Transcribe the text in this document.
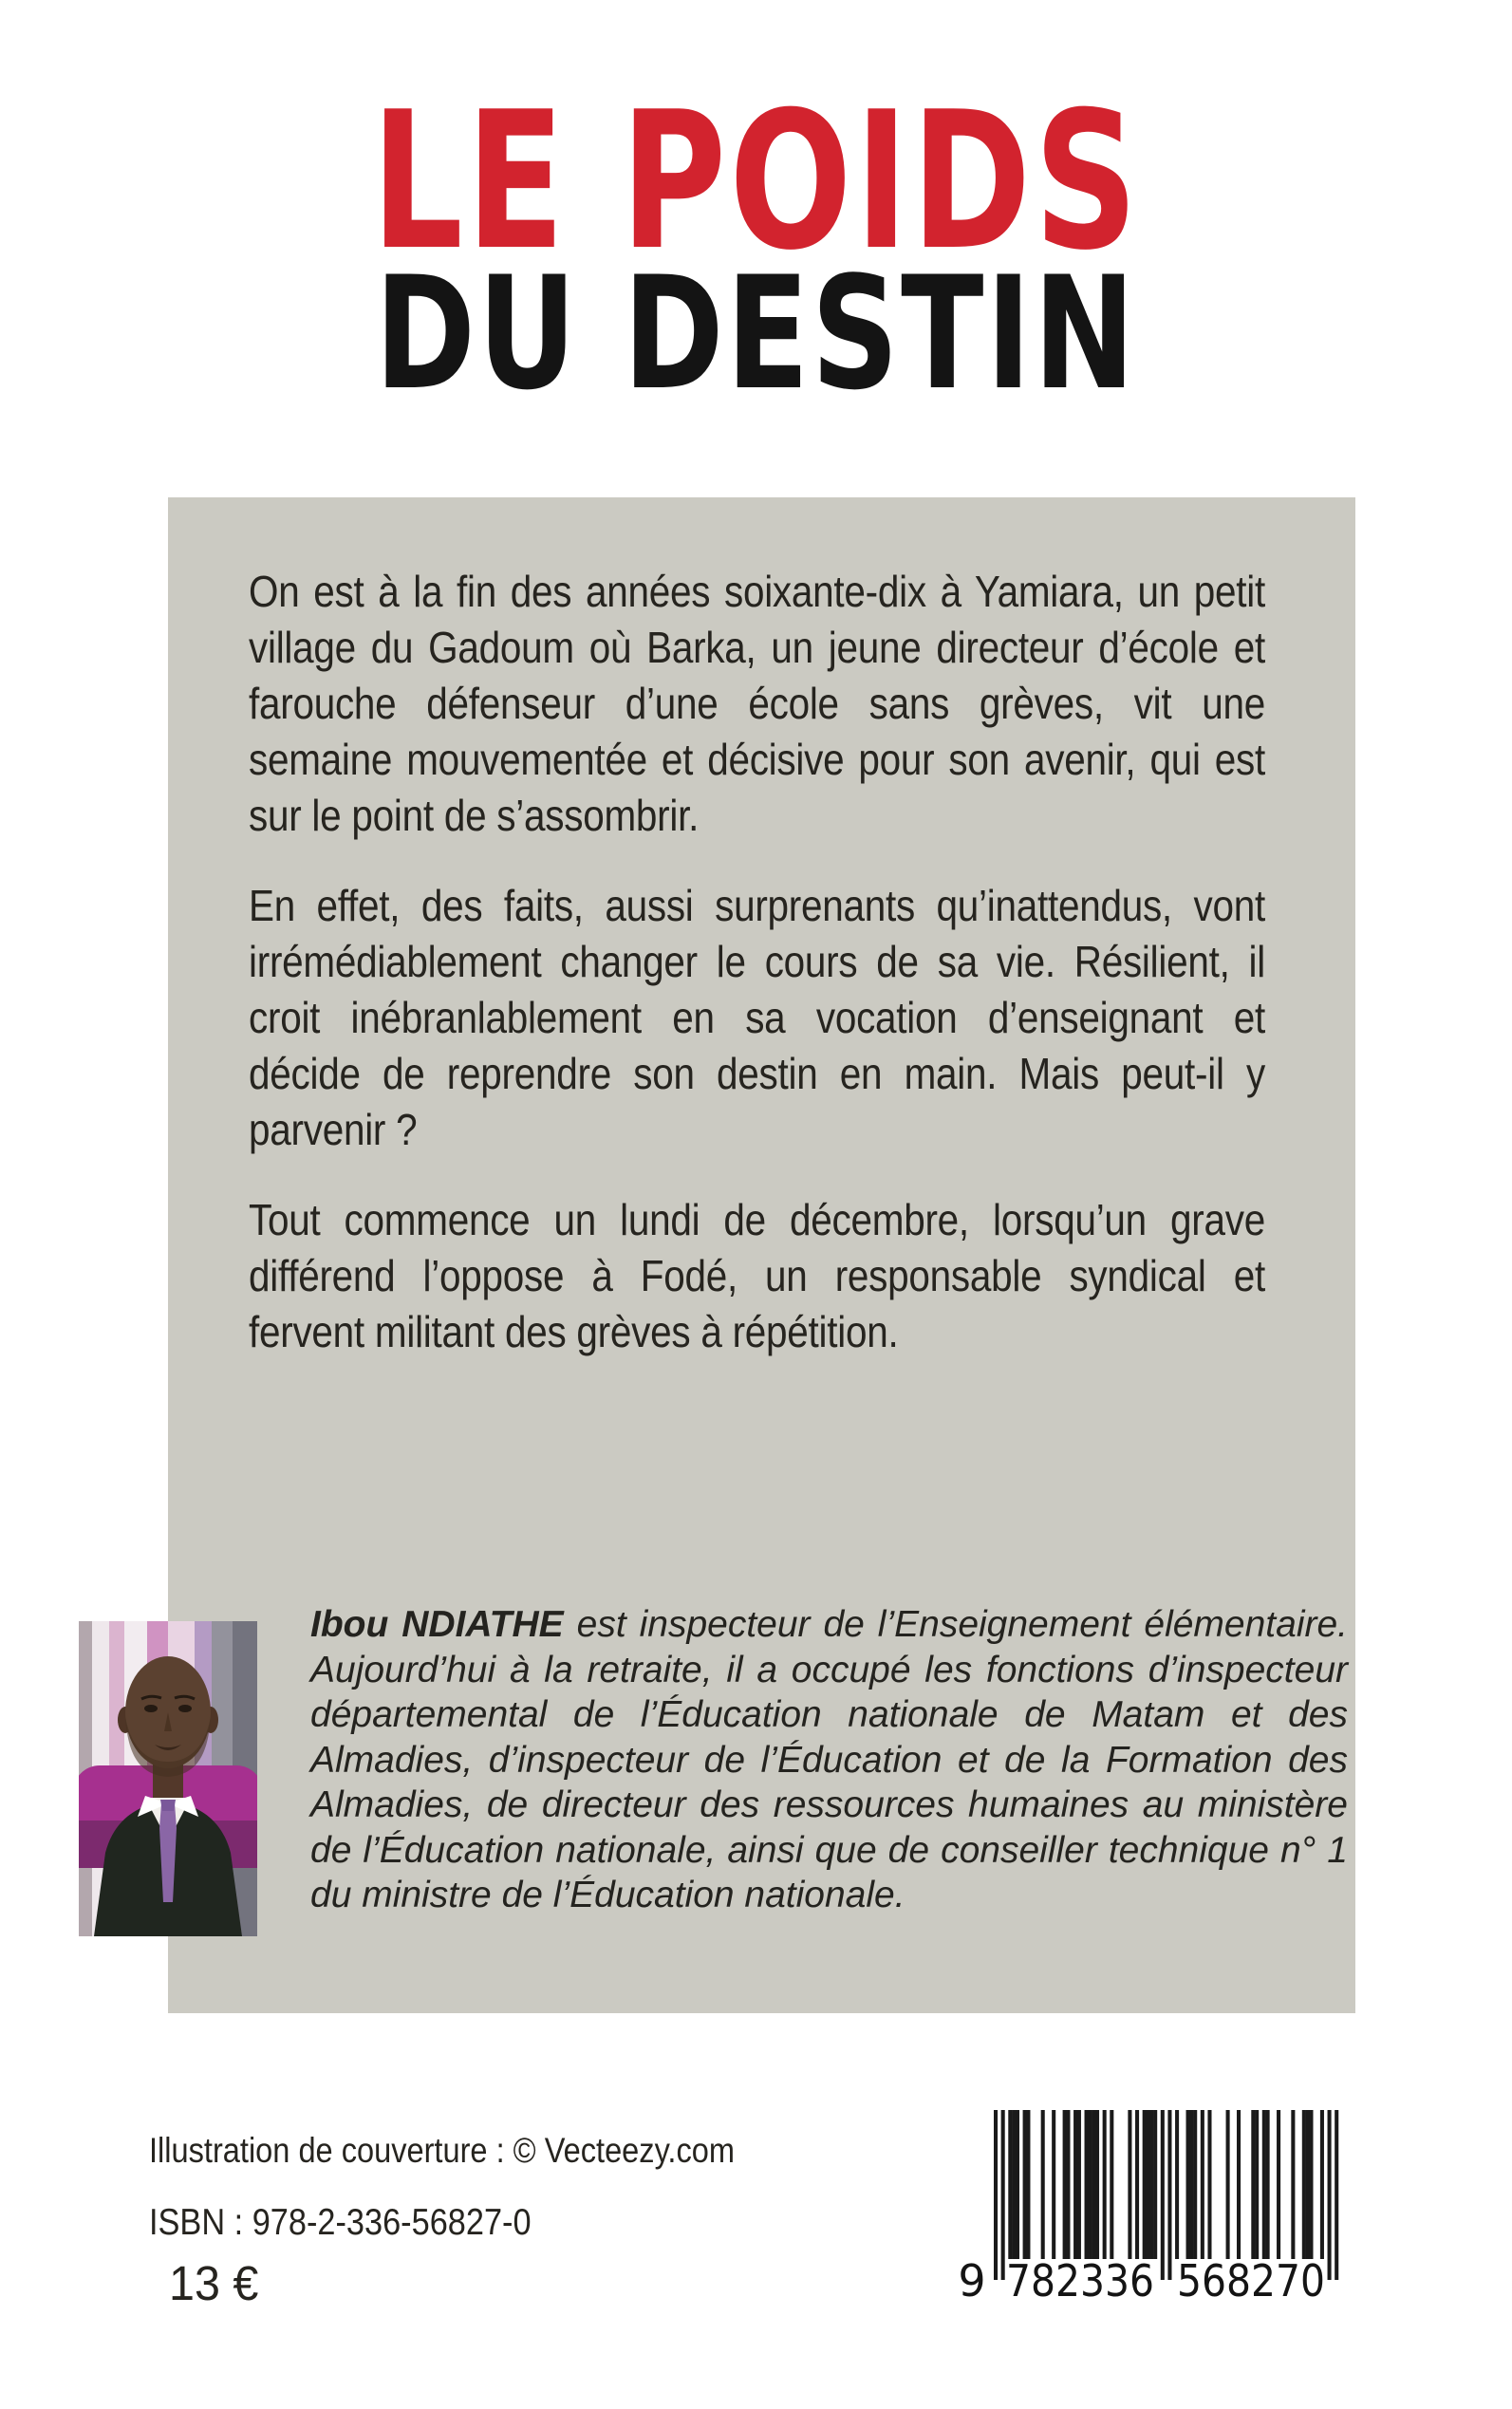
LE POIDS
DU DESTIN

On est à la fin des années soixante-dix à Yamiara, un petit village du Gadoum où Barka, un jeune directeur d’école et farouche défenseur d’une école sans grèves, vit une semaine mouvementée et décisive pour son avenir, qui est sur le point de s’assombrir.

En effet, des faits, aussi surprenants qu’inattendus, vont irrémédiablement changer le cours de sa vie. Résilient, il croit inébranlablement en sa vocation d’enseignant et décide de reprendre son destin en main. Mais peut-il y parvenir ?

Tout commence un lundi de décembre, lorsqu’un grave différend l’oppose à Fodé, un responsable syndical et fervent militant des grèves à répétition.

Ibou NDIATHE est inspecteur de l’Enseignement élémentaire. Aujourd’hui à la retraite, il a occupé les fonctions d’inspecteur départemental de l’Éducation nationale de Matam et des Almadies, d’inspecteur de l’Éducation et de la Formation des Almadies, de directeur des ressources humaines au ministère de l’Éducation nationale, ainsi que de conseiller technique n° 1 du ministre de l’Éducation nationale.
Illustration de couverture : © Vecteezy.com
ISBN : 978-2-336-56827-0
13 €	9 782336 568270
